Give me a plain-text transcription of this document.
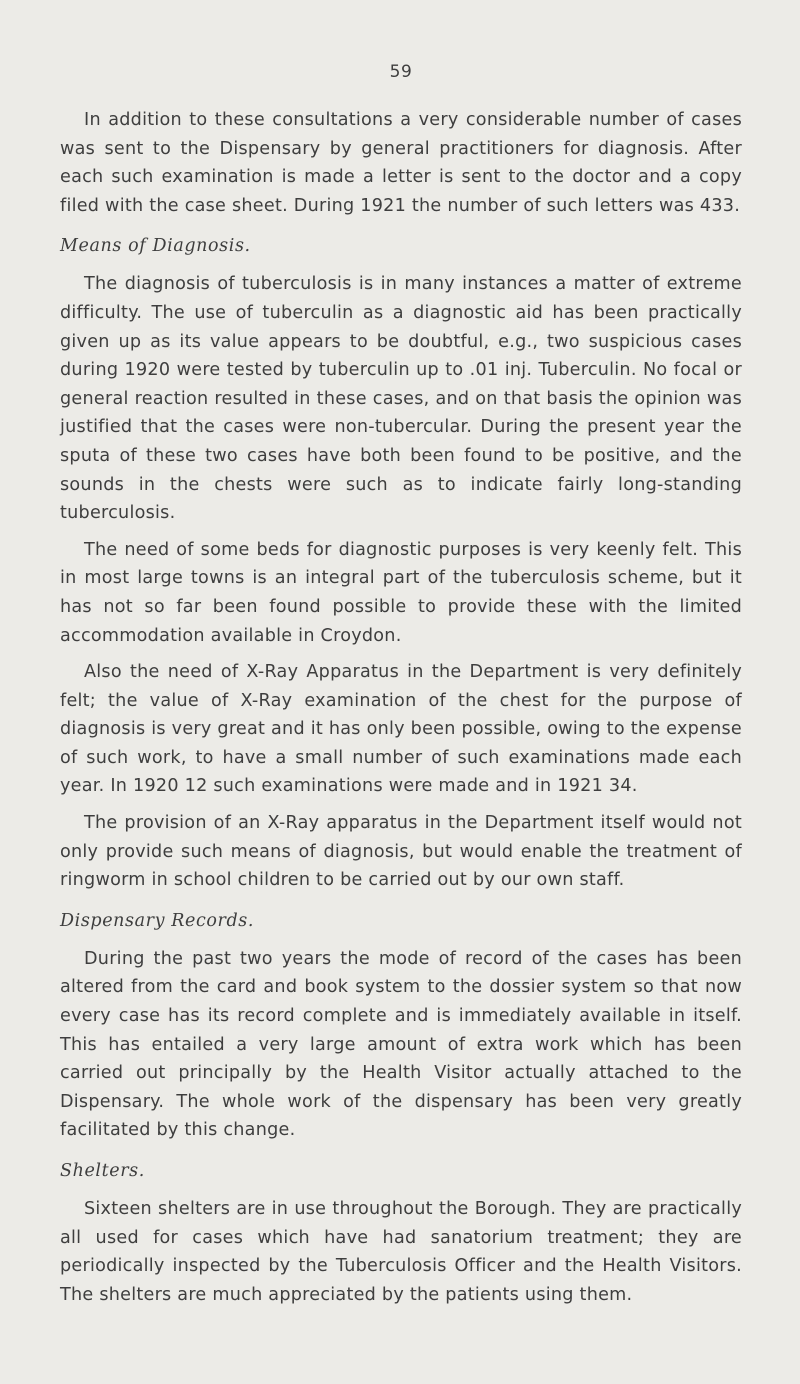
59

In addition to these consultations a very considerable number of cases was sent to the Dispensary by general practitioners for diagnosis. After each such examination is made a letter is sent to the doctor and a copy filed with the case sheet. During 1921 the number of such letters was 433.

Means of Diagnosis.

The diagnosis of tuberculosis is in many instances a matter of extreme difficulty. The use of tuberculin as a diagnostic aid has been practically given up as its value appears to be doubtful, e.g., two suspicious cases during 1920 were tested by tuberculin up to .01 inj. Tuberculin. No focal or general reaction resulted in these cases, and on that basis the opinion was justified that the cases were non-tubercular. During the present year the sputa of these two cases have both been found to be positive, and the sounds in the chests were such as to indicate fairly long-standing tuberculosis.

The need of some beds for diagnostic purposes is very keenly felt. This in most large towns is an integral part of the tuberculosis scheme, but it has not so far been found possible to provide these with the limited accommodation available in Croydon.

Also the need of X-Ray Apparatus in the Department is very definitely felt; the value of X-Ray examination of the chest for the purpose of diagnosis is very great and it has only been possible, owing to the expense of such work, to have a small number of such examinations made each year. In 1920 12 such examinations were made and in 1921 34.

The provision of an X-Ray apparatus in the Department itself would not only provide such means of diagnosis, but would enable the treatment of ringworm in school children to be carried out by our own staff.

Dispensary Records.

During the past two years the mode of record of the cases has been altered from the card and book system to the dossier system so that now every case has its record complete and is immediately available in itself. This has entailed a very large amount of extra work which has been carried out principally by the Health Visitor actually attached to the Dispensary. The whole work of the dispensary has been very greatly facilitated by this change.

Shelters.

Sixteen shelters are in use throughout the Borough. They are practically all used for cases which have had sanatorium treatment; they are periodically inspected by the Tuberculosis Officer and the Health Visitors. The shelters are much appreciated by the patients using them.
